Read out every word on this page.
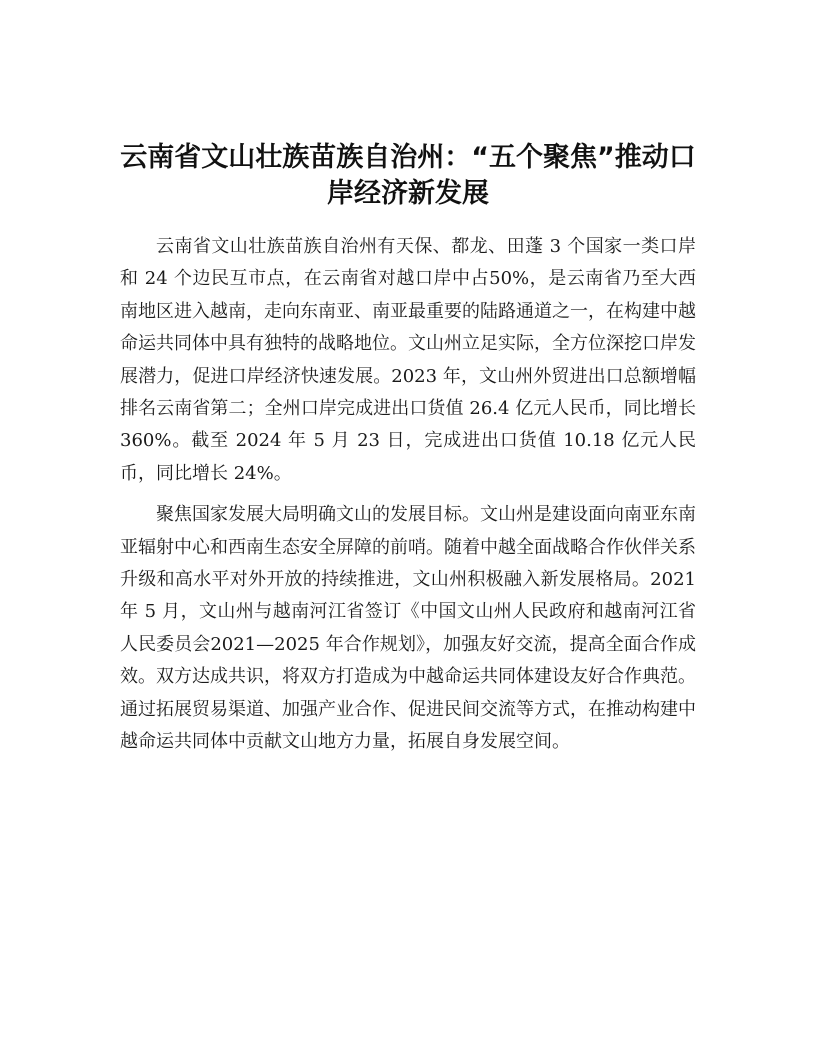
云南省文山壮族苗族自治州：“五个聚焦”推动口岸经济新发展

云南省文山壮族苗族自治州有天保、都龙、田蓬 3 个国家一类口岸和 24 个边民互市点，在云南省对越口岸中占50%，是云南省乃至大西南地区进入越南，走向东南亚、南亚最重要的陆路通道之一，在构建中越命运共同体中具有独特的战略地位。文山州立足实际，全方位深挖口岸发展潜力，促进口岸经济快速发展。2023 年，文山州外贸进出口总额增幅排名云南省第二；全州口岸完成进出口货值 26.4 亿元人民币，同比增长 360%。截至 2024 年 5 月 23 日，完成进出口货值 10.18 亿元人民币，同比增长 24%。

聚焦国家发展大局明确文山的发展目标。文山州是建设面向南亚东南亚辐射中心和西南生态安全屏障的前哨。随着中越全面战略合作伙伴关系升级和高水平对外开放的持续推进，文山州积极融入新发展格局。2021 年 5 月，文山州与越南河江省签订《中国文山州人民政府和越南河江省人民委员会2021—2025 年合作规划》，加强友好交流，提高全面合作成效。双方达成共识，将双方打造成为中越命运共同体建设友好合作典范。通过拓展贸易渠道、加强产业合作、促进民间交流等方式，在推动构建中越命运共同体中贡献文山地方力量，拓展自身发展空间。
